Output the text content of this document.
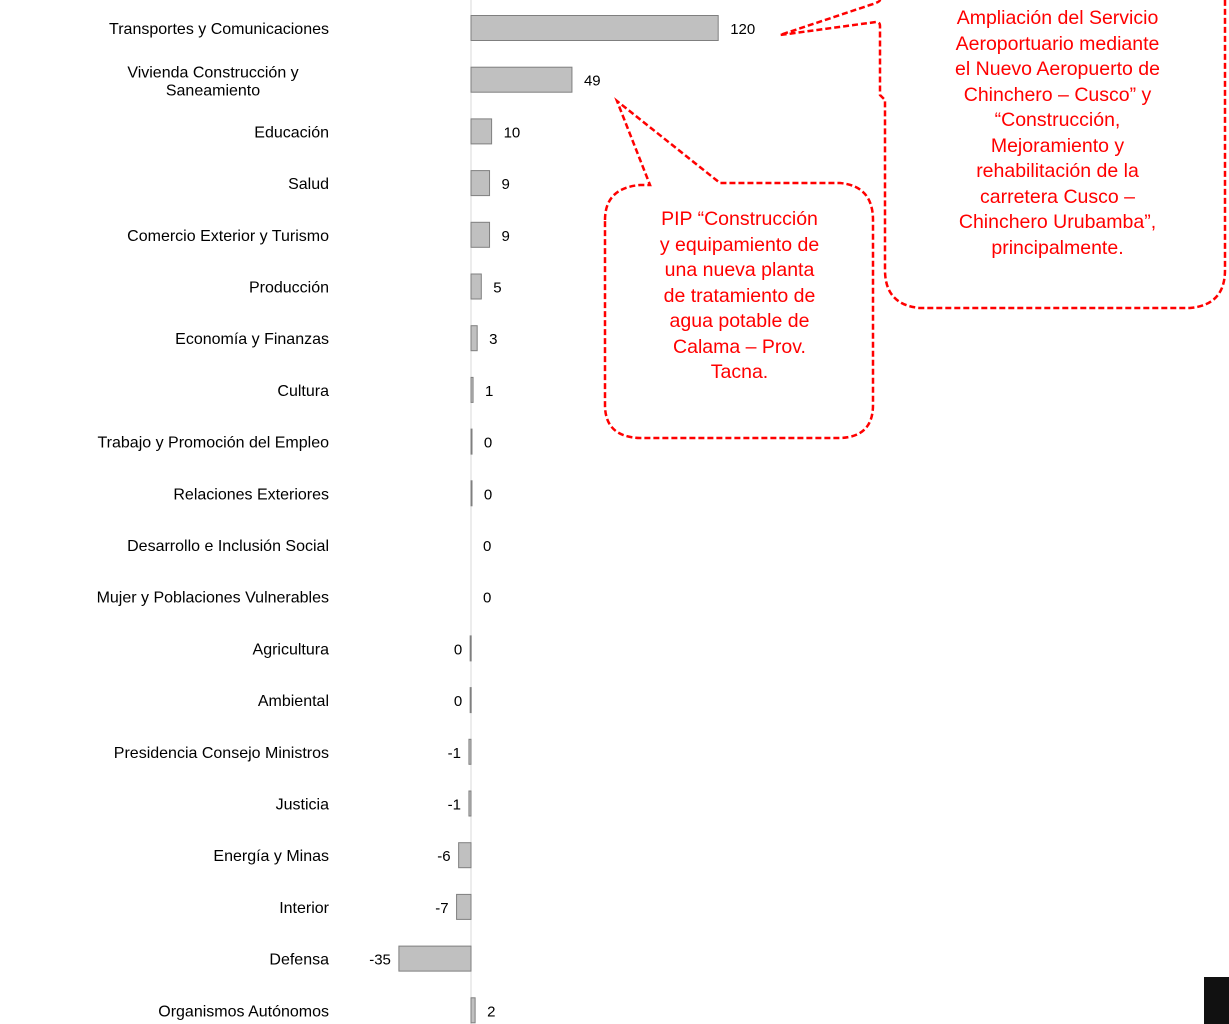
Transportes y Comunicaciones
Vivienda Construcción y Saneamiento
Educación
Salud
Comercio Exterior y Turismo
Producción
Economía y Finanzas
Cultura
Trabajo y Promoción del Empleo
Relaciones Exteriores
Desarrollo e Inclusión Social
Mujer y Poblaciones Vulnerables
Agricultura
Ambiental
Presidencia Consejo Ministros
Justicia
Energía y Minas
Interior
Defensa
Organismos Autónomos
120
49
10
9
9
5
3
1
0
0
0
0
0
0
-1
-1
-6
-7
-35
2
Ampliación del Servicio
Aeroportuario mediante
el Nuevo Aeropuerto de
Chinchero – Cusco” y
“Construcción,
Mejoramiento y
rehabilitación de la
carretera Cusco –
Chinchero Urubamba”,
principalmente.
PIP “Construcción
y equipamiento de
una nueva planta
de tratamiento de
agua potable de
Calama – Prov.
Tacna.
